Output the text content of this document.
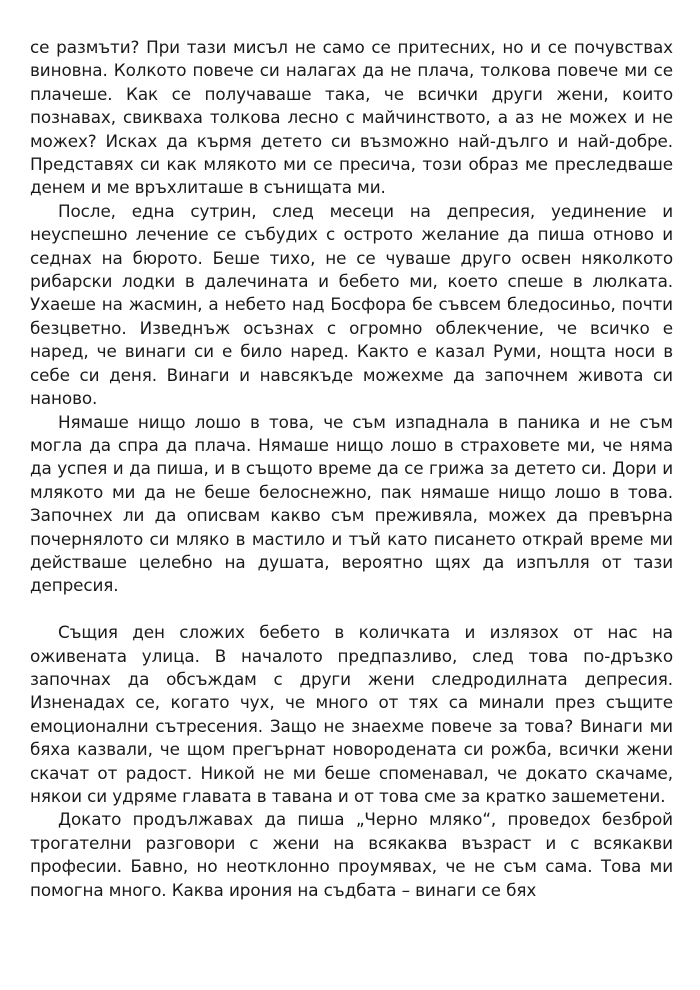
се размъти? При тази мисъл не само се притесних, но и се почувствах виновна. Колкото повече си налагах да не плача, толкова повече ми се плачеше. Как се получаваше така, че всички други жени, които познавах, свикваха толкова лесно с майчинството, а аз не можех и не можех? Исках да кърмя детето си възможно най-дълго и най-добре. Представях си как млякото ми се пресича, този образ ме преследваше денем и ме връхлиташе в сънищата ми.

После, една сутрин, след месеци на депресия, уединение и неуспешно лечение се събудих с острото желание да пиша отново и седнах на бюрото. Беше тихо, не се чуваше друго освен няколкото рибарски лодки в далечината и бебето ми, което спеше в люлката. Ухаеше на жасмин, а небето над Босфора бе съвсем бледосиньо, почти безцветно. Изведнъж осъзнах с огромно облекчение, че всичко е наред, че винаги си е било наред. Както е казал Руми, нощта носи в себе си деня. Винаги и навсякъде можехме да започнем живота си наново.

Нямаше нищо лошо в това, че съм изпаднала в паника и не съм могла да спра да плача. Нямаше нищо лошо в страховете ми, че няма да успея и да пиша, и в същото време да се грижа за детето си. Дори и млякото ми да не беше белоснежно, пак нямаше нищо лошо в това. Започнех ли да описвам какво съм преживяла, можех да превърна почернялото си мляко в мастило и тъй като писането открай време ми действаше целебно на душата, вероятно щях да изпълля от тази депресия.

Същия ден сложих бебето в количката и излязох от нас на оживената улица. В началото предпазливо, след това по-дръзко започнах да обсъждам с други жени следродилната депресия. Изненадах се, когато чух, че много от тях са минали през същите емоционални сътресения. Защо не знаехме повече за това? Винаги ми бяха казвали, че щом прегърнат новородената си рожба, всички жени скачат от радост. Никой не ми беше споменавал, че докато скачаме, някои си удряме главата в тавана и от това сме за кратко зашеметени.

Докато продължавах да пиша „Черно мляко“, проведох безброй трогателни разговори с жени на всякаква възраст и с всякакви професии. Бавно, но неотклонно проумявах, че не съм сама. Това ми помогна много. Каква ирония на съдбата – винаги се бях
